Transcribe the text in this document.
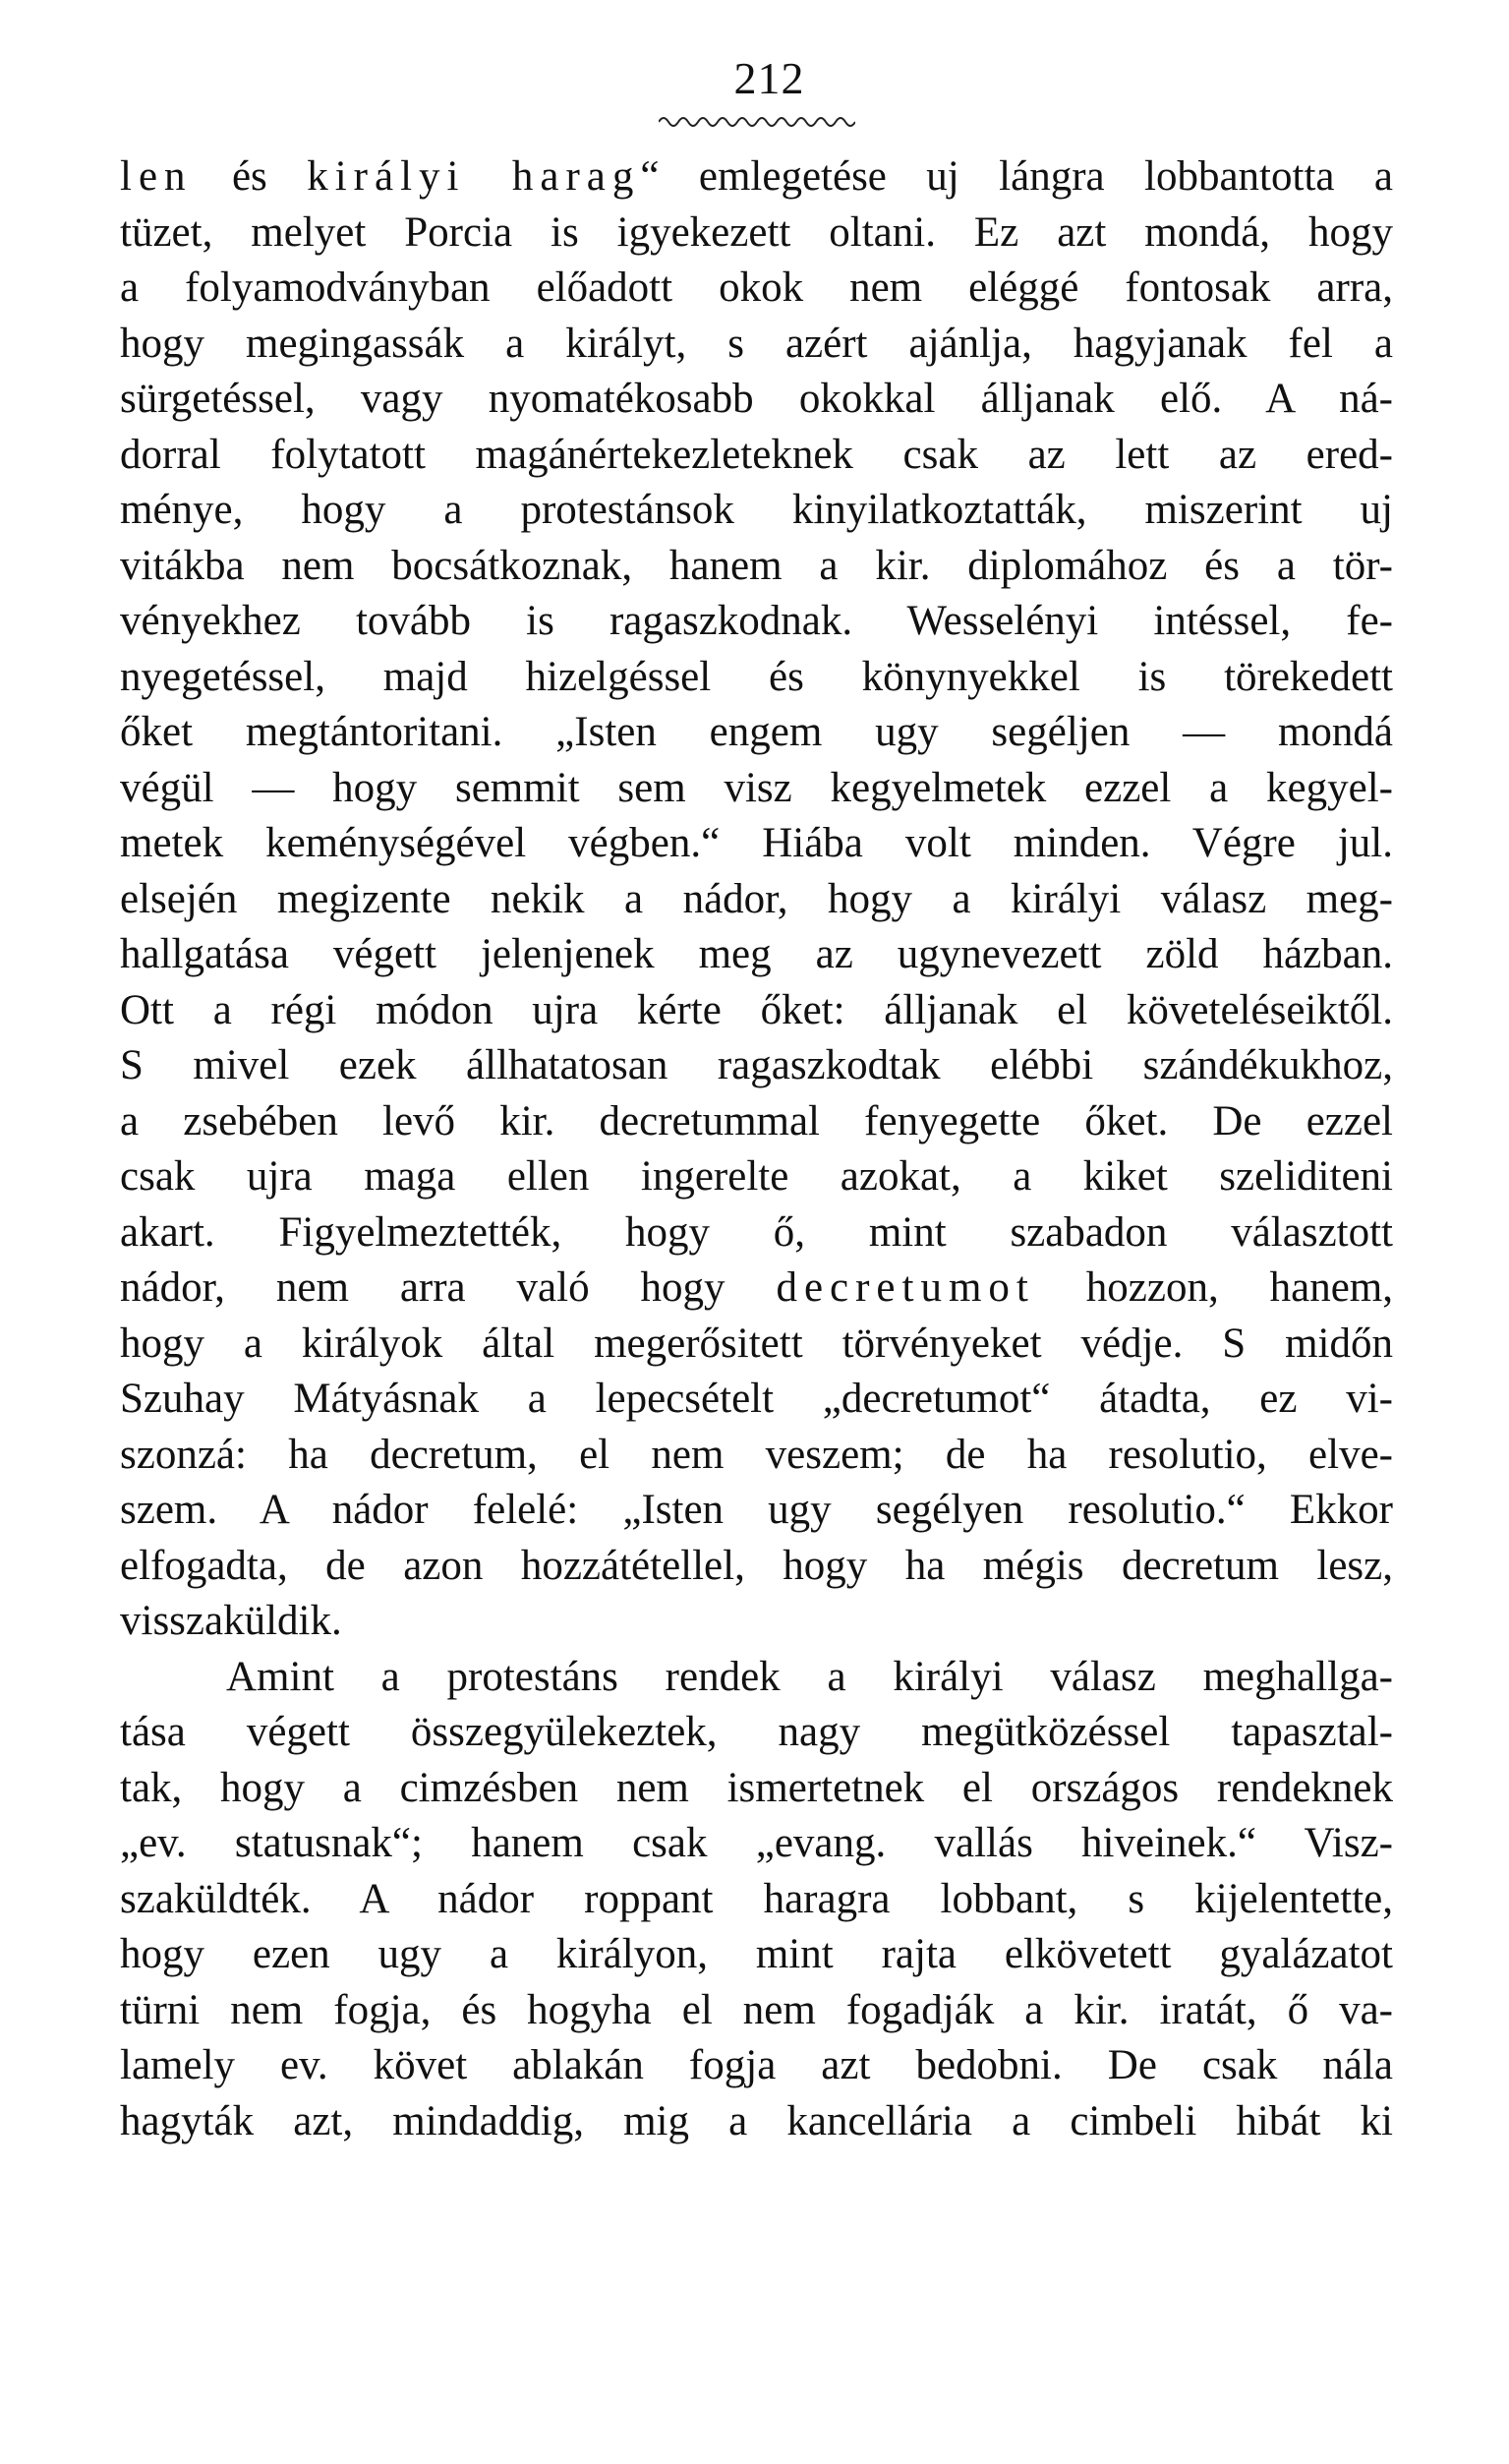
212
len és királyi harag“ emlegetése uj lángra lobbantotta a
tüzet, melyet Porcia is igyekezett oltani. Ez azt mondá, hogy
a folyamodványban előadott okok nem eléggé fontosak arra,
hogy megingassák a királyt, s azért ajánlja, hagyjanak fel a
sürgetéssel, vagy nyomatékosabb okokkal álljanak elő. A ná-
dorral folytatott magánértekezleteknek csak az lett az ered-
ménye, hogy a protestánsok kinyilatkoztatták, miszerint uj
vitákba nem bocsátkoznak, hanem a kir. diplomához és a tör-
vényekhez tovább is ragaszkodnak. Wesselényi intéssel, fe-
nyegetéssel, majd hizelgéssel és könynyekkel is törekedett
őket megtántoritani. „Isten engem ugy segéljen — mondá
végül — hogy semmit sem visz kegyelmetek ezzel a kegyel-
metek keménységével végben.“ Hiába volt minden. Végre jul.
elsején megizente nekik a nádor, hogy a királyi válasz meg-
hallgatása végett jelenjenek meg az ugynevezett zöld házban.
Ott a régi módon ujra kérte őket: álljanak el követeléseiktől.
S mivel ezek állhatatosan ragaszkodtak elébbi szándékukhoz,
a zsebében levő kir. decretummal fenyegette őket. De ezzel
csak ujra maga ellen ingerelte azokat, a kiket szeliditeni
akart. Figyelmeztették, hogy ő, mint szabadon választott
nádor, nem arra való hogy decretumot hozzon, hanem,
hogy a királyok által megerősitett törvényeket védje. S midőn
Szuhay Mátyásnak a lepecsételt „decretumot“ átadta, ez vi-
szonzá: ha decretum, el nem veszem; de ha resolutio, elve-
szem. A nádor felelé: „Isten ugy segélyen resolutio.“ Ekkor
elfogadta, de azon hozzátétellel, hogy ha mégis decretum lesz,
visszaküldik.
Amint a protestáns rendek a királyi válasz meghallga-
tása végett összegyülekeztek, nagy megütközéssel tapasztal-
tak, hogy a cimzésben nem ismertetnek el országos rendeknek
„ev. statusnak“; hanem csak „evang. vallás hiveinek.“ Visz-
szaküldték. A nádor roppant haragra lobbant, s kijelentette,
hogy ezen ugy a királyon, mint rajta elkövetett gyalázatot
türni nem fogja, és hogyha el nem fogadják a kir. iratát, ő va-
lamely ev. követ ablakán fogja azt bedobni. De csak nála
hagyták azt, mindaddig, mig a kancellária a cimbeli hibát ki
